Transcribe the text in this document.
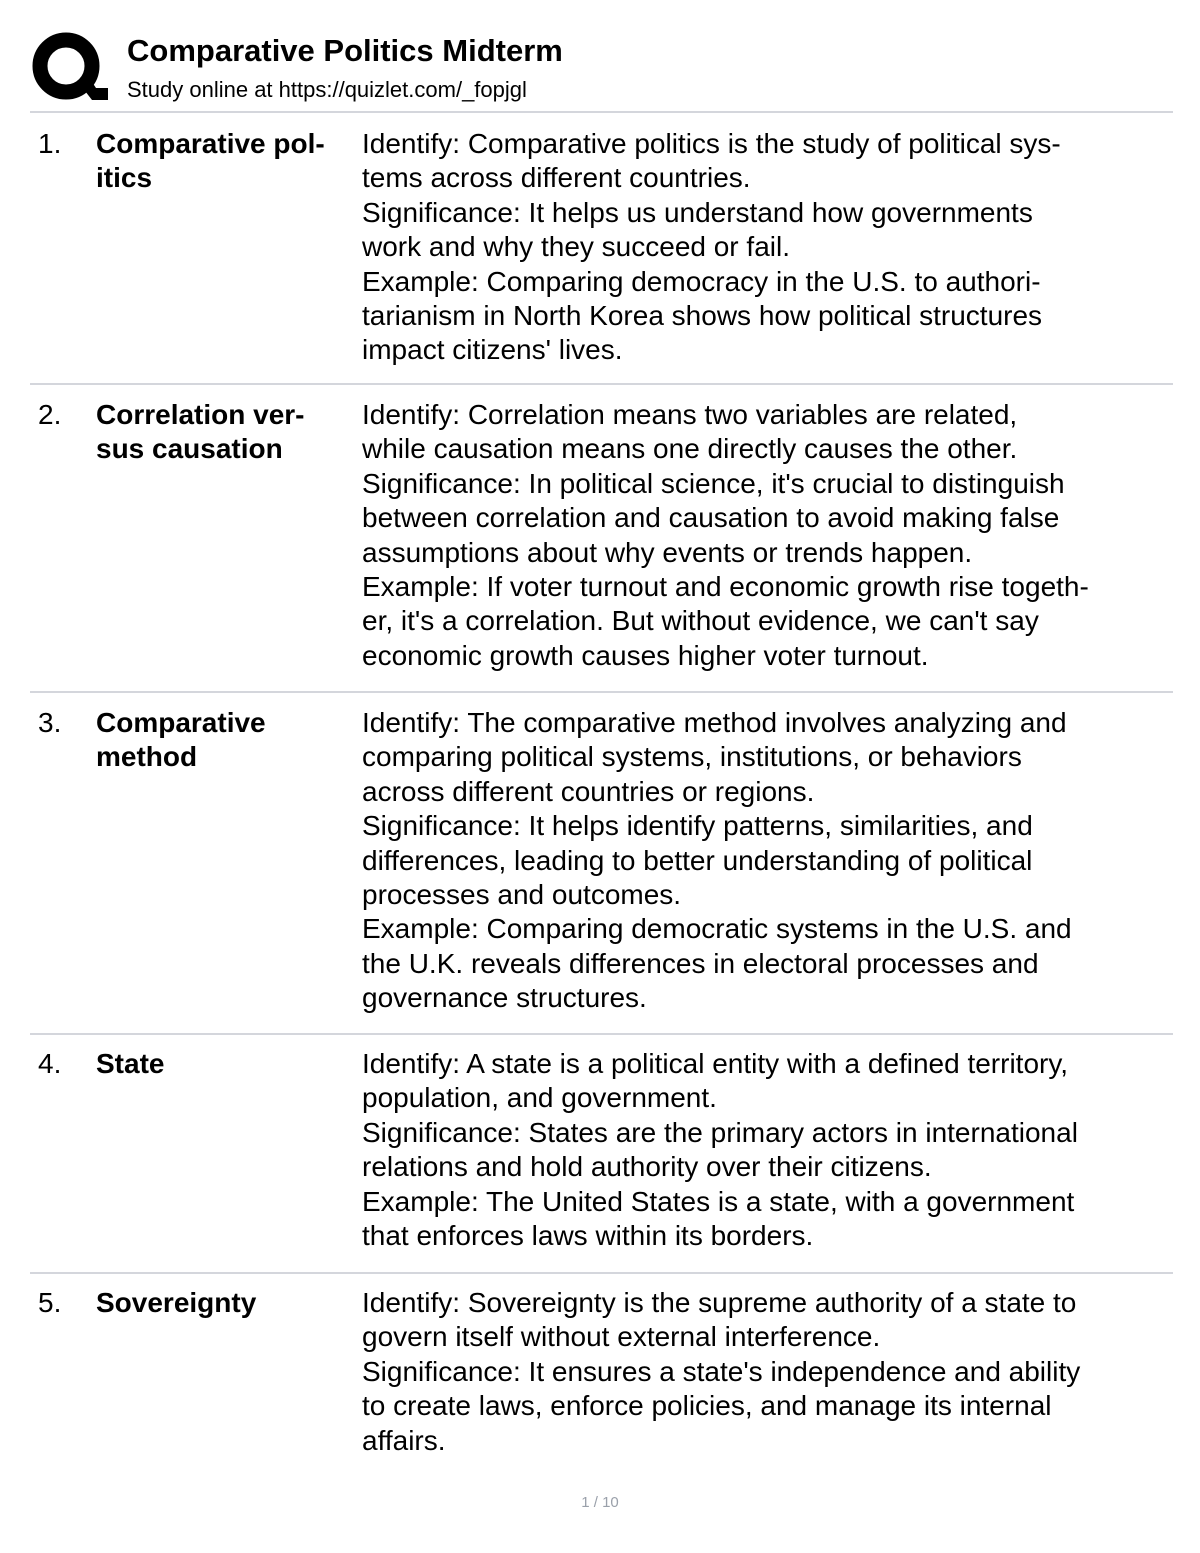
Comparative Politics Midterm
Study online at https://quizlet.com/_fopjgl
1. Comparative pol-
itics
Identify: Comparative politics is the study of political sys-
tems across different countries.
Significance: It helps us understand how governments
work and why they succeed or fail.
Example: Comparing democracy in the U.S. to authori-
tarianism in North Korea shows how political structures
impact citizens' lives.
2. Correlation ver-
sus causation
Identify: Correlation means two variables are related,
while causation means one directly causes the other.
Significance: In political science, it's crucial to distinguish
between correlation and causation to avoid making false
assumptions about why events or trends happen.
Example: If voter turnout and economic growth rise togeth-
er, it's a correlation. But without evidence, we can't say
economic growth causes higher voter turnout.
3. Comparative
method
Identify: The comparative method involves analyzing and
comparing political systems, institutions, or behaviors
across different countries or regions.
Significance: It helps identify patterns, similarities, and
differences, leading to better understanding of political
processes and outcomes.
Example: Comparing democratic systems in the U.S. and
the U.K. reveals differences in electoral processes and
governance structures.
4. State	Identify: A state is a political entity with a defined territory,
population, and government.
Significance: States are the primary actors in international
relations and hold authority over their citizens.
Example: The United States is a state, with a government
that enforces laws within its borders.
5. Sovereignty	Identify: Sovereignty is the supreme authority of a state to
govern itself without external interference.
Significance: It ensures a state's independence and ability
to create laws, enforce policies, and manage its internal
affairs.
1 / 10
